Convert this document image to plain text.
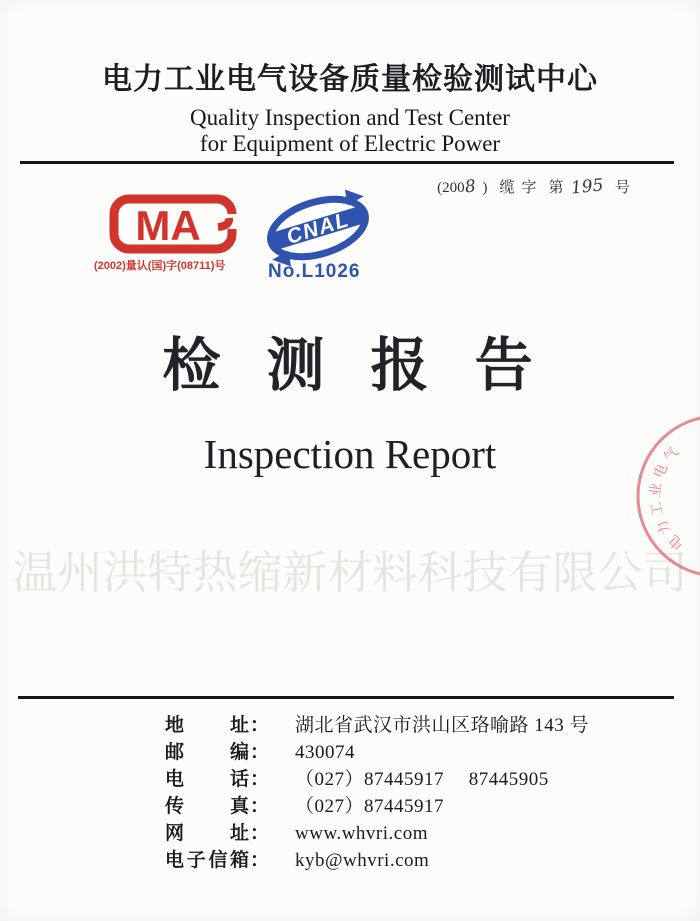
电力工业电气设备质量检验测试中心
Quality Inspection and Test Center
for Equipment of Electric Power
(2008 ) 缆 字 第 195 号
MA
(2002)量认(国)字(08711)号
CNAL
No.L1026
检 测 报 告
Inspection Report
温州洪特热缩新材料科技有限公司
电力工业电气
地址 ： 湖北省武汉市洪山区珞喻路 143 号
邮编 ： 430074
电话 ： （027）87445917　 87445905
传真 ： （027）87445917
网址 ： www.whvri.com
电子信箱 ： kyb@whvri.com
